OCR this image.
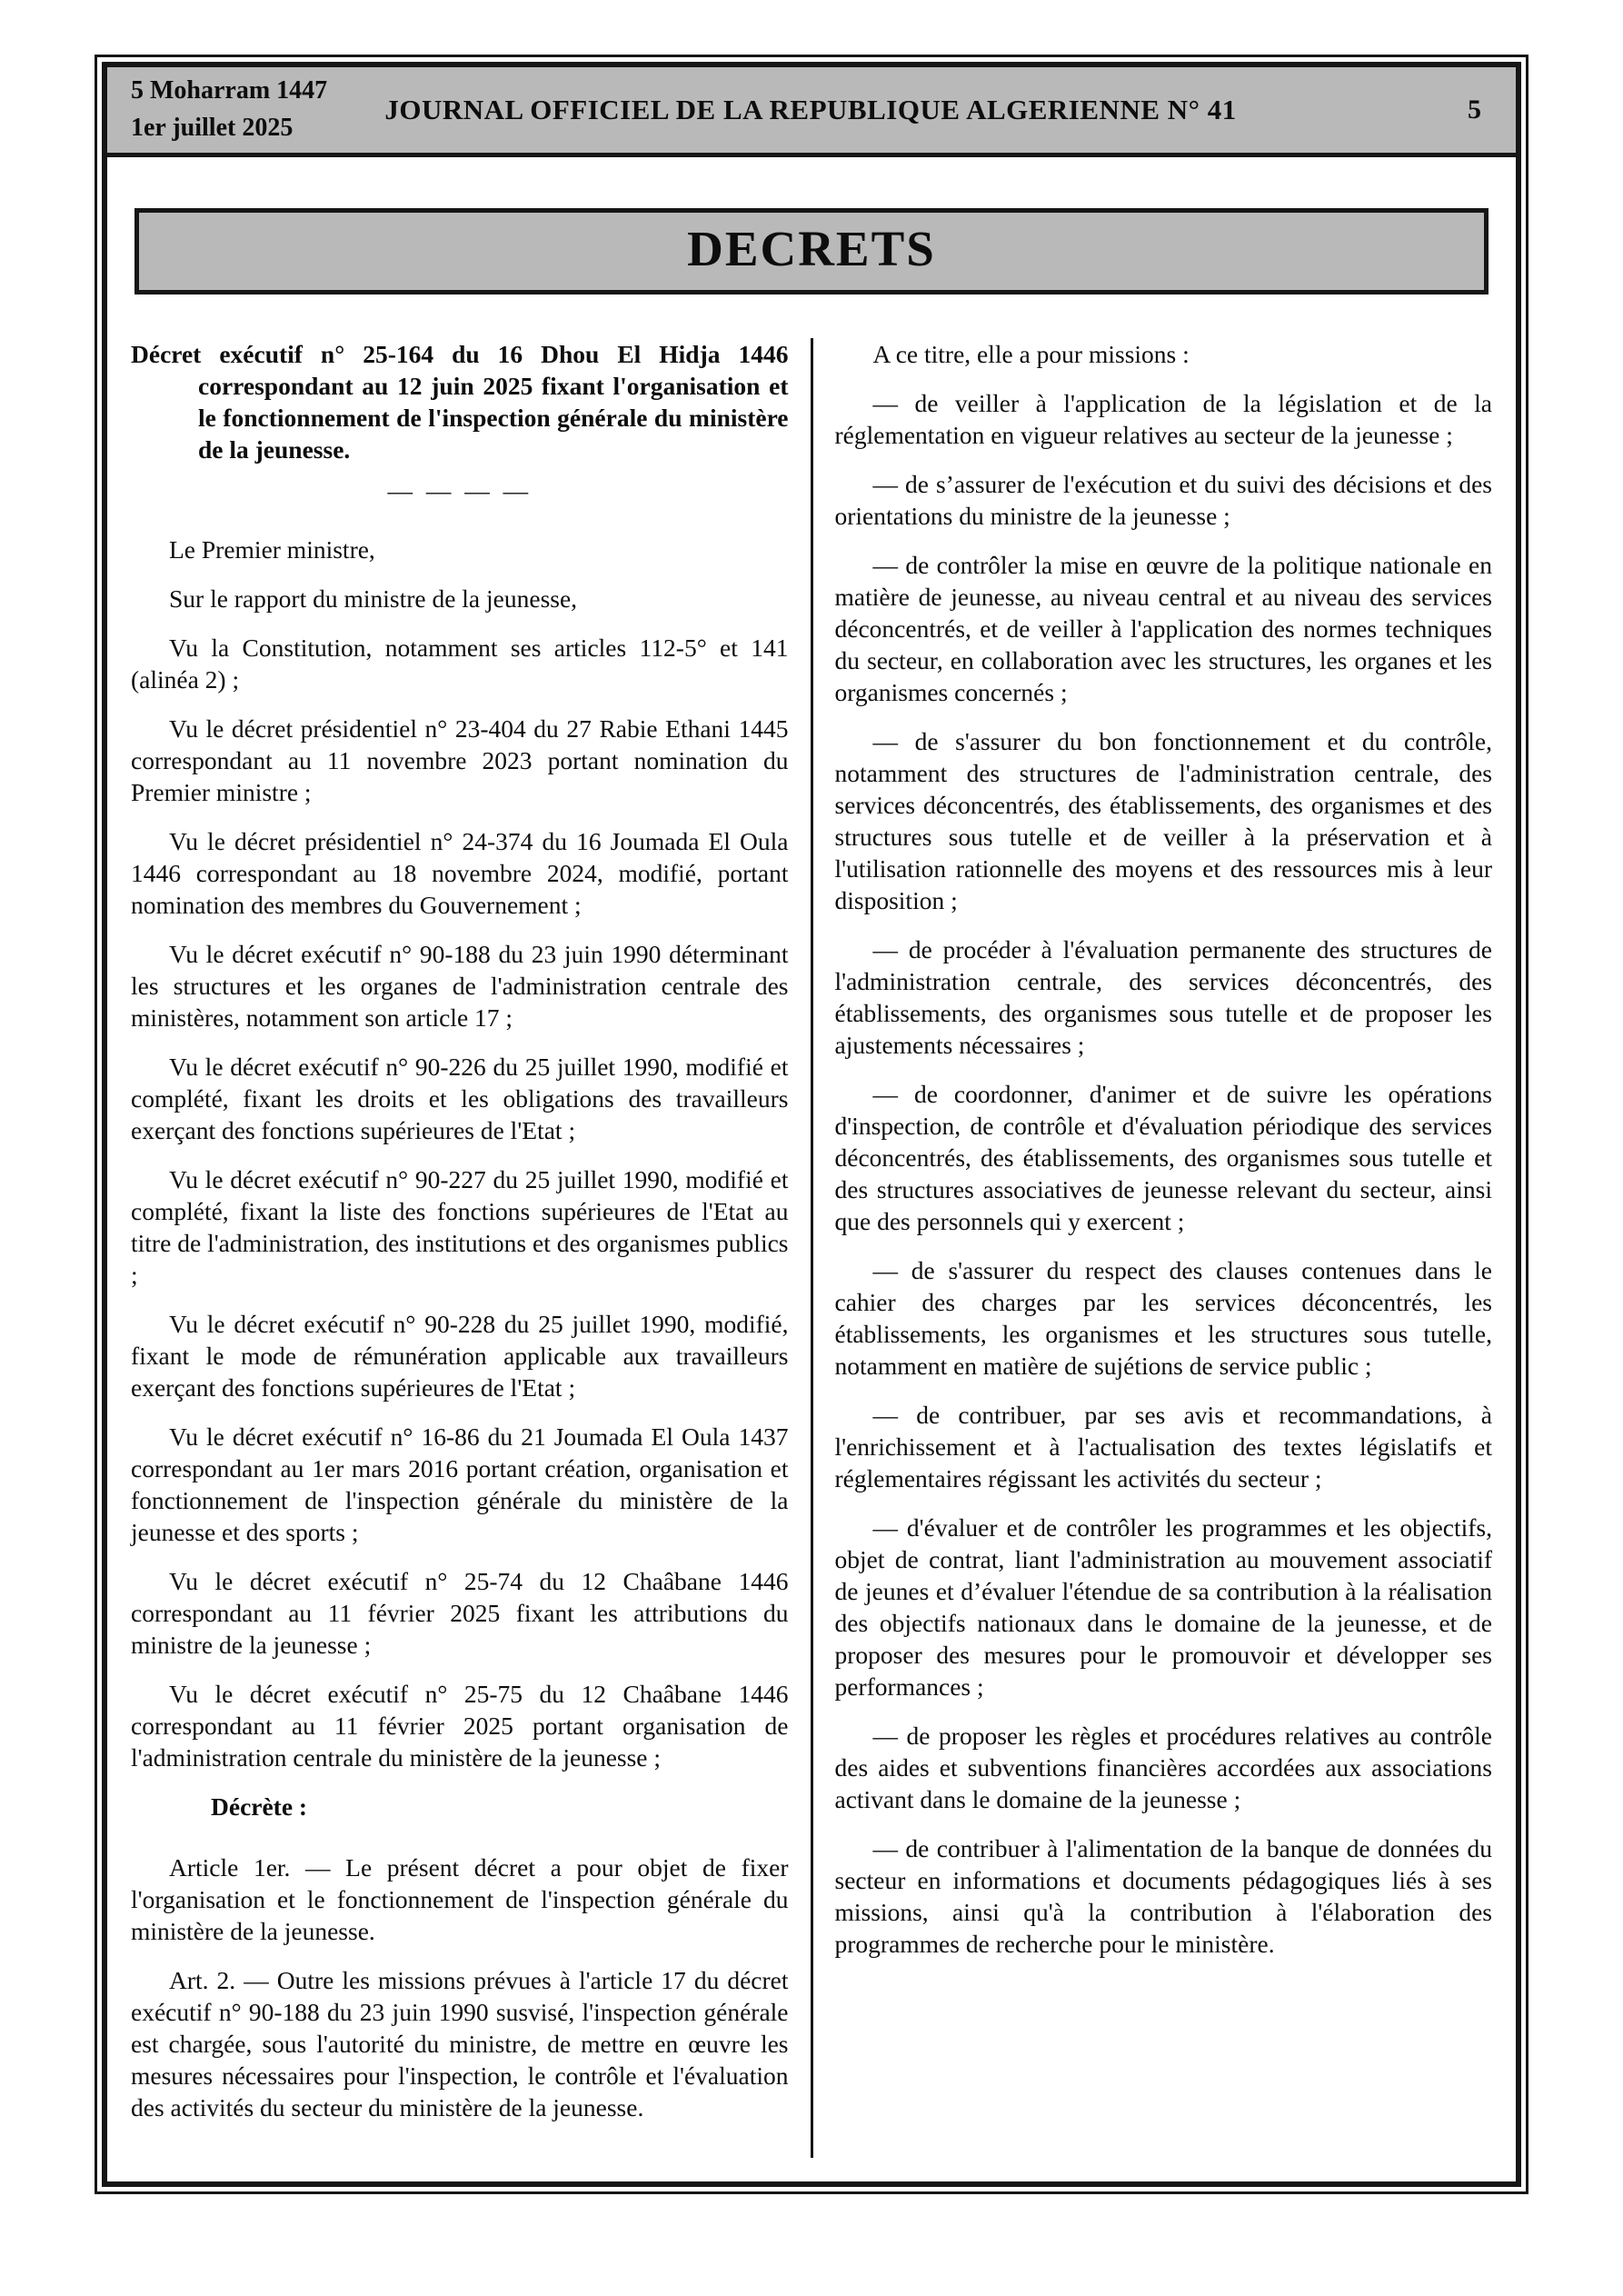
5 Moharram 1447
1er juillet 2025
JOURNAL OFFICIEL DE LA REPUBLIQUE ALGERIENNE N° 41	5
DECRETS

Décret exécutif n° 25-164 du 16 Dhou El Hidja 1446 correspondant au 12 juin 2025 fixant l'organisation et le fonctionnement de l'inspection générale du ministère de la jeunesse.

— — — —

Le Premier ministre,

Sur le rapport du ministre de la jeunesse,

Vu la Constitution, notamment ses articles 112-5° et 141 (alinéa 2) ;

Vu le décret présidentiel n° 23-404 du 27 Rabie Ethani 1445 correspondant au 11 novembre 2023 portant nomination du Premier ministre ;

Vu le décret présidentiel n° 24-374 du 16 Joumada El Oula 1446 correspondant au 18 novembre 2024, modifié, portant nomination des membres du Gouvernement ;

Vu le décret exécutif n° 90-188 du 23 juin 1990 déterminant les structures et les organes de l'administration centrale des ministères, notamment son article 17 ;

Vu le décret exécutif n° 90-226 du 25 juillet 1990, modifié et complété, fixant les droits et les obligations des travailleurs exerçant des fonctions supérieures de l'Etat ;

Vu le décret exécutif n° 90-227 du 25 juillet 1990, modifié et complété, fixant la liste des fonctions supérieures de l'Etat au titre de l'administration, des institutions et des organismes publics ;

Vu le décret exécutif n° 90-228 du 25 juillet 1990, modifié, fixant le mode de rémunération applicable aux travailleurs exerçant des fonctions supérieures de l'Etat ;

Vu le décret exécutif n° 16-86 du 21 Joumada El Oula 1437 correspondant au 1er mars 2016 portant création, organisation et fonctionnement de l'inspection générale du ministère de la jeunesse et des sports ;

Vu le décret exécutif n° 25-74 du 12 Chaâbane 1446 correspondant au 11 février 2025 fixant les attributions du ministre de la jeunesse ;

Vu le décret exécutif n° 25-75 du 12 Chaâbane 1446 correspondant au 11 février 2025 portant organisation de l'administration centrale du ministère de la jeunesse ;

Décrète :

Article 1er. — Le présent décret a pour objet de fixer l'organisation et le fonctionnement de l'inspection générale du ministère de la jeunesse.

Art. 2. — Outre les missions prévues à l'article 17 du décret exécutif n° 90-188 du 23 juin 1990 susvisé, l'inspection générale est chargée, sous l'autorité du ministre, de mettre en œuvre les mesures nécessaires pour l'inspection, le contrôle et l'évaluation des activités du secteur du ministère de la jeunesse.

A ce titre, elle a pour missions :

— de veiller à l'application de la législation et de la réglementation en vigueur relatives au secteur de la jeunesse ;

— de s’assurer de l'exécution et du suivi des décisions et des orientations du ministre de la jeunesse ;

— de contrôler la mise en œuvre de la politique nationale en matière de jeunesse, au niveau central et au niveau des services déconcentrés, et de veiller à l'application des normes techniques du secteur, en collaboration avec les structures, les organes et les organismes concernés ;

— de s'assurer du bon fonctionnement et du contrôle, notamment des structures de l'administration centrale, des services déconcentrés, des établissements, des organismes et des structures sous tutelle et de veiller à la préservation et à l'utilisation rationnelle des moyens et des ressources mis à leur disposition ;

— de procéder à l'évaluation permanente des structures de l'administration centrale, des services déconcentrés, des établissements, des organismes sous tutelle et de proposer les ajustements nécessaires ;

— de coordonner, d'animer et de suivre les opérations d'inspection, de contrôle et d'évaluation périodique des services déconcentrés, des établissements, des organismes sous tutelle et des structures associatives de jeunesse relevant du secteur, ainsi que des personnels qui y exercent ;

— de s'assurer du respect des clauses contenues dans le cahier des charges par les services déconcentrés, les établissements, les organismes et les structures sous tutelle, notamment en matière de sujétions de service public ;

— de contribuer, par ses avis et recommandations, à l'enrichissement et à l'actualisation des textes législatifs et réglementaires régissant les activités du secteur ;

— d'évaluer et de contrôler les programmes et les objectifs, objet de contrat, liant l'administration au mouvement associatif de jeunes et d’évaluer l'étendue de sa contribution à la réalisation des objectifs nationaux dans le domaine de la jeunesse, et de proposer des mesures pour le promouvoir et développer ses performances ;

— de proposer les règles et procédures relatives au contrôle des aides et subventions financières accordées aux associations activant dans le domaine de la jeunesse ;

— de contribuer à l'alimentation de la banque de données du secteur en informations et documents pédagogiques liés à ses missions, ainsi qu'à la contribution à l'élaboration des programmes de recherche pour le ministère.
